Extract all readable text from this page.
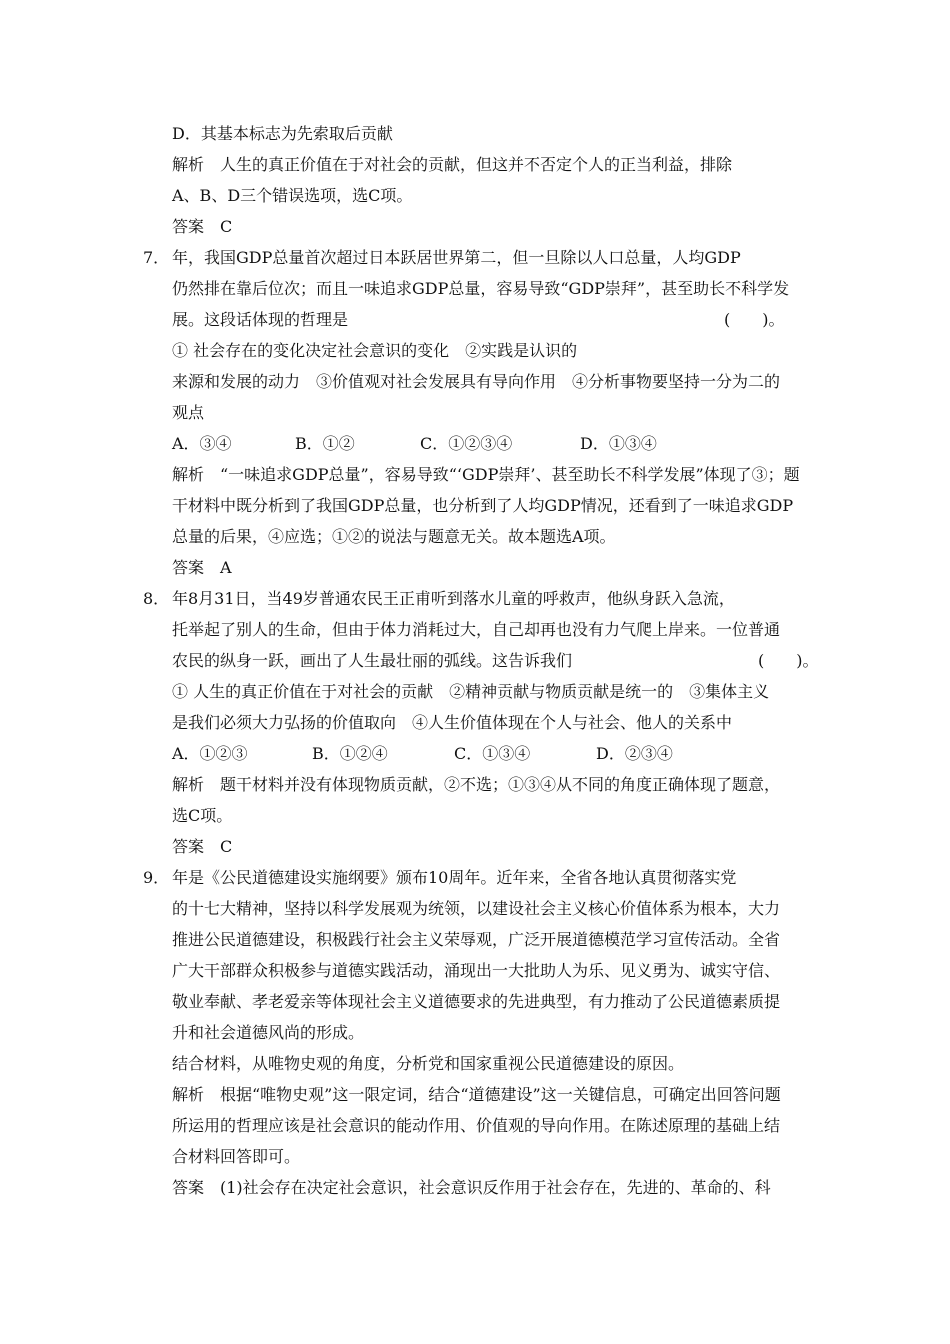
D．其基本标志为先索取后贡献
解析　人生的真正价值在于对社会的贡献，但这并不否定个人的正当利益，排除
A、B、D三个错误选项，选C项。
答案　C
7． 年，我国GDP总量首次超过日本跃居世界第二，但一旦除以人口总量，人均GDP
仍然排在靠后位次；而且一味追求GDP总量，容易导致“GDP崇拜”，甚至助长不科学发
展。这段话体现的哲理是	(　　)。
① 社会存在的变化决定社会意识的变化　②实践是认识的
来源和发展的动力　③价值观对社会发展具有导向作用　④分析事物要坚持一分为二的
观点
A．③④	B．①②	C．①②③④	D．①③④
解析　“一味追求GDP总量”，容易导致“‘GDP崇拜’、甚至助长不科学发展”体现了③；题
干材料中既分析到了我国GDP总量，也分析到了人均GDP情况，还看到了一味追求GDP
总量的后果，④应选；①②的说法与题意无关。故本题选A项。
答案　A
8． 年8月31日，当49岁普通农民王正甫听到落水儿童的呼救声，他纵身跃入急流，
托举起了别人的生命，但由于体力消耗过大，自己却再也没有力气爬上岸来。一位普通
农民的纵身一跃，画出了人生最壮丽的弧线。这告诉我们	(　　)。
① 人生的真正价值在于对社会的贡献　②精神贡献与物质贡献是统一的　③集体主义
是我们必须大力弘扬的价值取向　④人生价值体现在个人与社会、他人的关系中
A．①②③	B．①②④	C．①③④	D．②③④
解析　题干材料并没有体现物质贡献，②不选；①③④从不同的角度正确体现了题意，
选C项。
答案　C
9． 年是《公民道德建设实施纲要》颁布10周年。近年来，全省各地认真贯彻落实党
的十七大精神，坚持以科学发展观为统领，以建设社会主义核心价值体系为根本，大力
推进公民道德建设，积极践行社会主义荣辱观，广泛开展道德模范学习宣传活动。全省
广大干部群众积极参与道德实践活动，涌现出一大批助人为乐、见义勇为、诚实守信、
敬业奉献、孝老爱亲等体现社会主义道德要求的先进典型，有力推动了公民道德素质提
升和社会道德风尚的形成。
结合材料，从唯物史观的角度，分析党和国家重视公民道德建设的原因。
解析　根据“唯物史观”这一限定词，结合“道德建设”这一关键信息，可确定出回答问题
所运用的哲理应该是社会意识的能动作用、价值观的导向作用。在陈述原理的基础上结
合材料回答即可。
答案　(1)社会存在决定社会意识，社会意识反作用于社会存在，先进的、革命的、科
